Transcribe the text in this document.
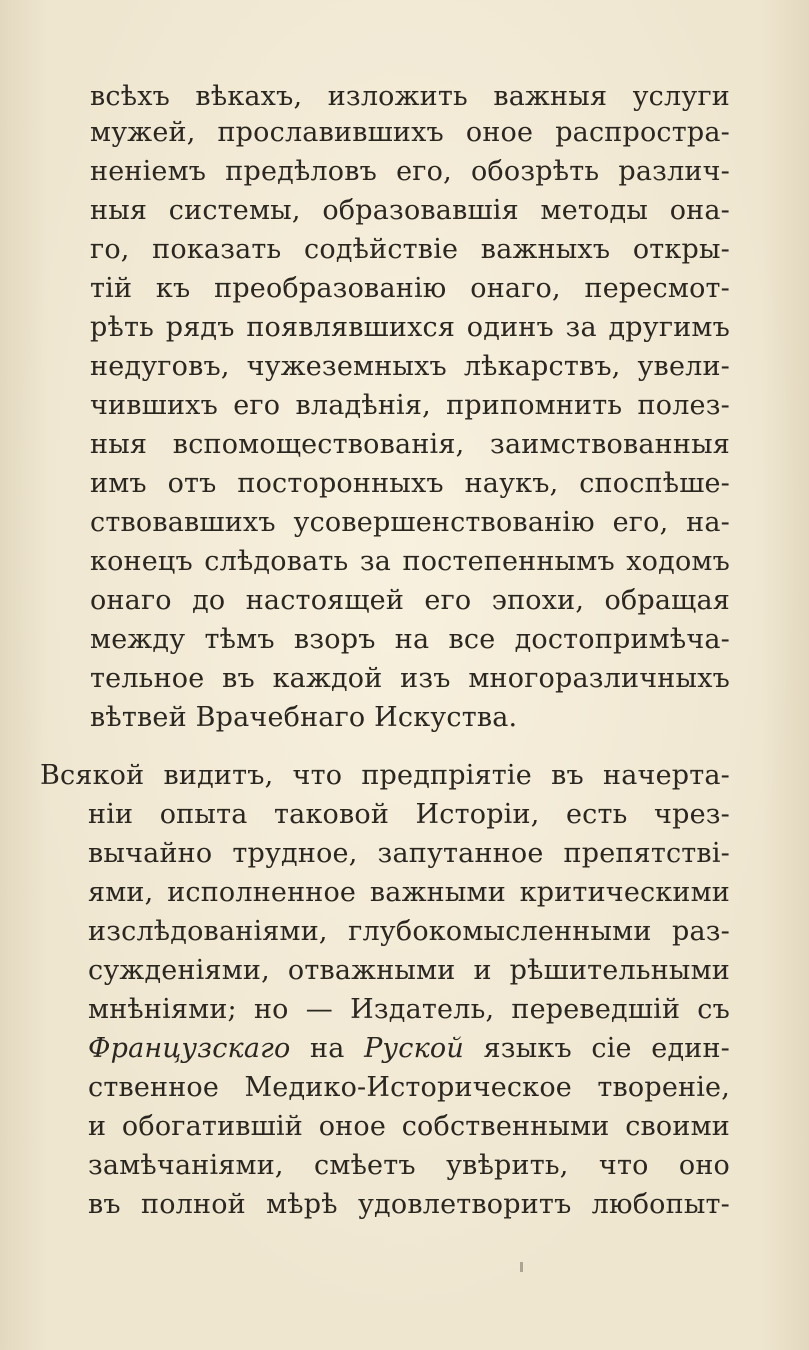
всѣхъ вѣкахъ, изложить важныя услуги
мужей, прославившихъ оное распростра-
неніемъ предѣловъ его, обозрѣть различ-
ныя системы, образовавшія методы она-
го, показать содѣйствіе важныхъ откры-
тій къ преобразованію онаго, пересмот-
рѣть рядъ появлявшихся одинъ за другимъ
недуговъ, чужеземныхъ лѣкарствъ, увели-
чившихъ его владѣнія, припомнить полез-
ныя вспомоществованія, заимствованныя
имъ отъ посторонныхъ наукъ, споспѣше-
ствовавшихъ усовершенствованію его, на-
конецъ слѣдовать за постепеннымъ ходомъ
онаго до настоящей его эпохи, обращая
между тѣмъ взоръ на все достопримѣча-
тельное въ каждой изъ многоразличныхъ
вѣтвей Врачебнаго Искуства.
Всякой видитъ, что предпріятіе въ начерта-
ніи опыта таковой Исторіи, есть чрез-
вычайно трудное, запутанное препятстві-
ями, исполненное важными критическими
изслѣдованіями, глубокомысленными раз-
сужденіями, отважными и рѣшительными
мнѣніями; но — Издатель, переведшій съ
Французскаго на Руской языкъ сіе един-
ственное Медико-Историческое твореніе,
и обогатившій оное собственными своими
замѣчаніями, смѣетъ увѣрить, что оно
въ полной мѣрѣ удовлетворитъ любопыт-
